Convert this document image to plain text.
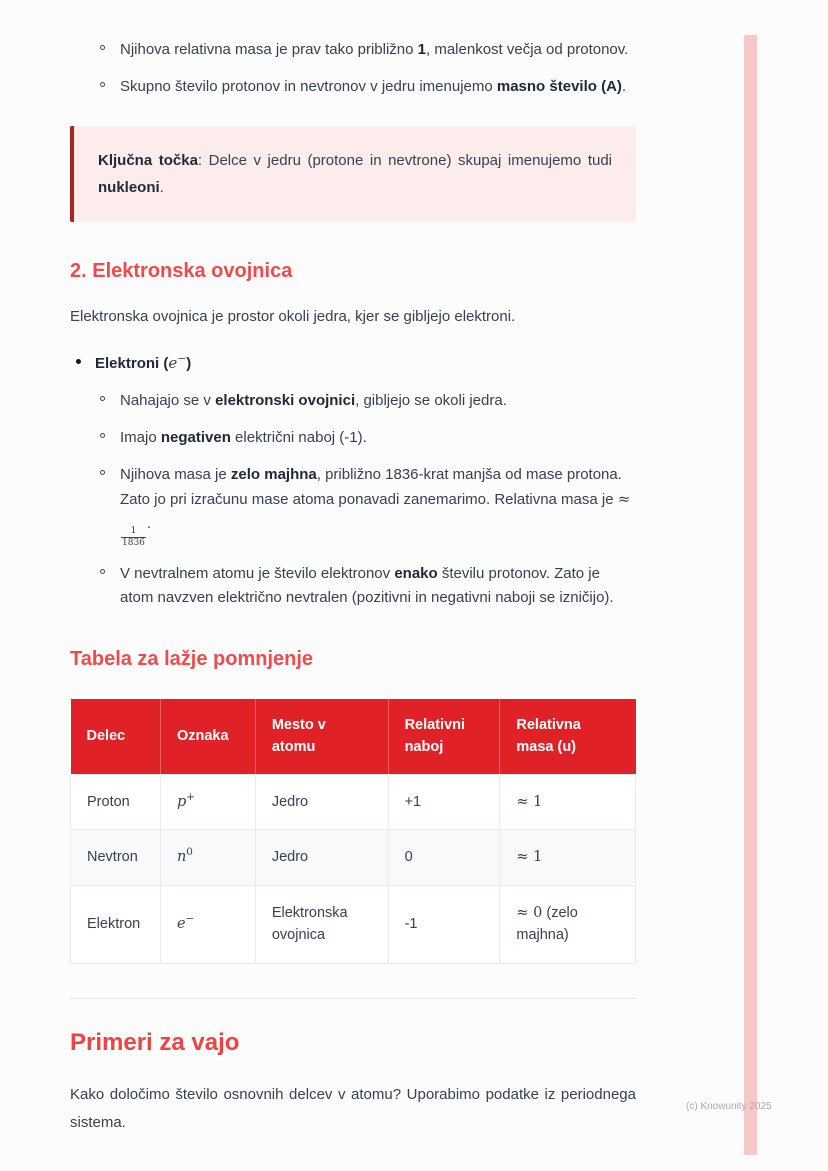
Njihova relativna masa je prav tako približno 1, malenkost večja od protonov.
Skupno število protonov in nevtronov v jedru imenujemo masno število (A).

Ključna točka: Delce v jedru (protone in nevtrone) skupaj imenujemo tudi nukleoni.

2. Elektronska ovojnica

Elektronska ovojnica je prostor okoli jedra, kjer se gibljejo elektroni.

Elektroni (e−)
Nahajajo se v elektronski ovojnici, gibljejo se okoli jedra.
Imajo negativen električni naboj (-1).
Njihova masa je zelo majhna, približno 1836-krat manjša od mase protona. Zato jo pri izračunu mase atoma ponavadi zanemarimo. Relativna masa je ≈
$\frac{1}{1836}$
.
V nevtralnem atomu je število elektronov enako številu protonov. Zato je atom navzven električno nevtralen (pozitivni in negativni naboji se izničijo).
Tabela za lažje pomnjenje
Delec	Oznaka	Mesto v atomu	Relativni naboj	Relativna masa (u)
Proton	p+	Jedro	+1	≈ 1
Nevtron	$n^0$	Jedro	0	≈ 1
Elektron	e−	Elektronska ovojnica	-1	≈ 0 (zelo majhna)
Primeri za vajo

Kako določimo število osnovnih delcev v atomu? Uporabimo podatke iz periodnega sistema.

(c) Knowunity 2025
